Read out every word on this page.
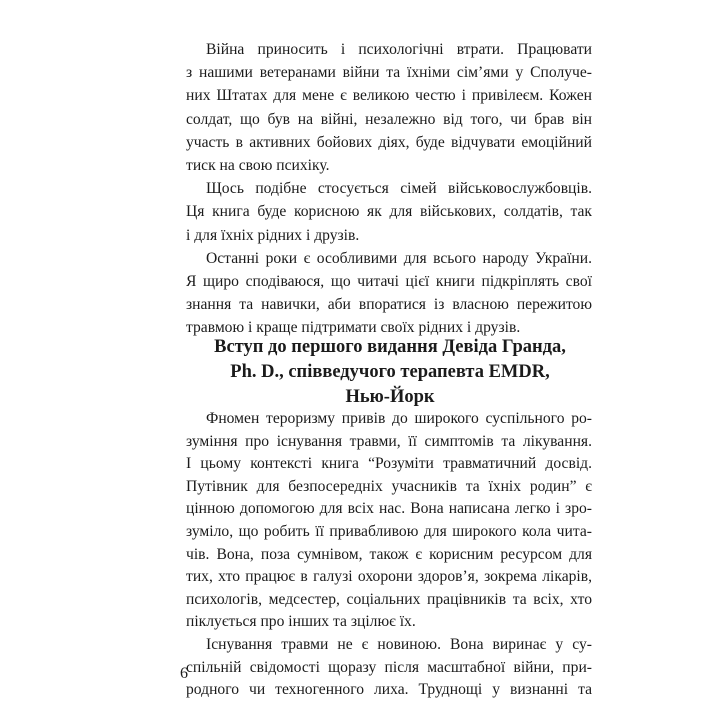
Війна приносить і психологічні втрати. Працювати

з нашими ветеранами війни та їхніми сім’ями у Сполуче-

них Штатах для мене є великою честю і привілеєм. Кожен

солдат, що був на війні, незалежно від того, чи брав він

участь в активних бойових діях, буде відчувати емоційний

тиск на свою психіку.

Щось подібне стосується сімей військовослужбовців.

Ця книга буде корисною як для військових, солдатів, так

і для їхніх рідних і друзів.

Останні роки є особливими для всього народу України.

Я щиро сподіваюся, що читачі цієї книги підкріплять свої

знання та навички, аби впоратися із власною пережитою

травмою і краще підтримати своїх рідних і друзів.

Вступ до першого видання Девіда Гранда,

Ph. D., співведучого терапевта EMDR,

Нью-Йорк

Фномен тероризму привів до широкого суспільного ро-

зуміння про існування травми, її симптомів та лікування.

І цьому контексті книга “Розуміти травматичний досвід.

Путівник для безпосередніх учасників та їхніх родин” є

цінною допомогою для всіх нас. Вона написана легко і зро-

зуміло, що робить її привабливою для широкого кола чита-

чів. Вона, поза сумнівом, також є корисним ресурсом для

тих, хто працює в галузі охорони здоров’я, зокрема лікарів,

психологів, медсестер, соціальних працівників та всіх, хто

піклується про інших та зцілює їх.

Існування травми не є новиною. Вона виринає у су-

6

спільній свідомості щоразу після масштабної війни, при-

родного чи техногенного лиха. Труднощі у визнанні та
